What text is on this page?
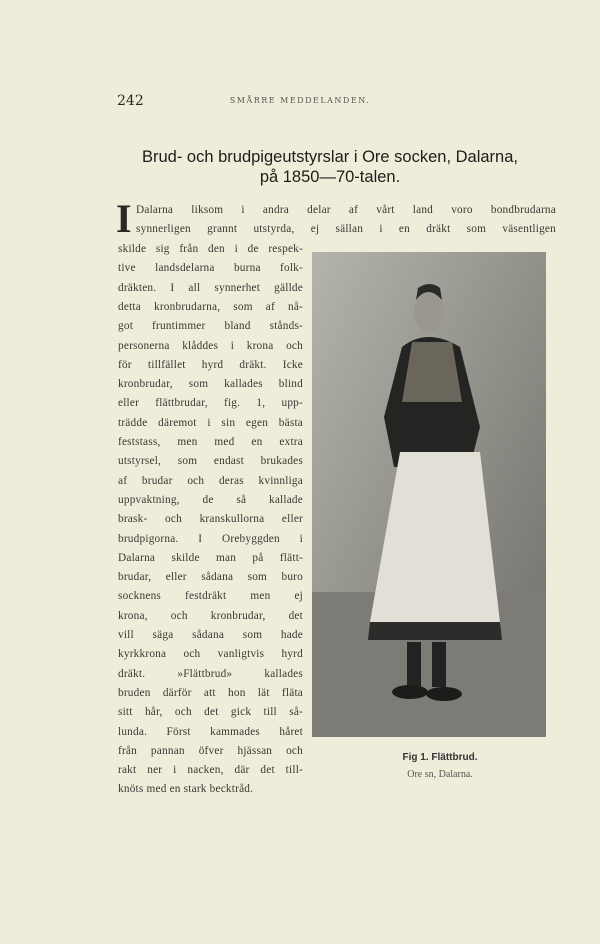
242	SMÅRRE MEDDELANDEN.
Brud- och brudpigeutstyrslar i Ore socken, Dalarna,
på 1850—70-talen.
I Dalarna liksom i andra delar af vårt land voro bondbrudarna
synnerligen grannt utstyrda, ej sällan i en dräkt som väsentligen
skilde sig från den i de respek-
tive landsdelarna burna folk-
dräkten. I all synnerhet gällde
detta kronbrudarna, som af nå-
got fruntimmer bland stånds-
personerna klåddes i krona och
för tillfället hyrd dräkt. Icke
kronbrudar, som kallades blind
eller flättbrudar, fig. 1, upp-
trädde däremot i sin egen bästa
feststass, men med en extra
utstyrsel, som endast brukades
af brudar och deras kvinnliga
uppvaktning, de så kallade
brask- och kranskullorna eller
brudpigorna. I Orebyggden i
Dalarna skilde man på flätt-
brudar, eller sådana som buro
socknens festdräkt men ej
krona, och kronbrudar, det
vill säga sådana som hade
kyrkkrona och vanligtvis hyrd
dräkt. »Flättbrud» kallades
bruden därför att hon lät fläta
sitt hår, och det gick till så-
lunda. Först kammades håret
från pannan öfver hjässan och
rakt ner i nacken, där det till-
knöts med en stark becktråd.
Fig 1. Flättbrud.
Ore sn, Dalarna.
